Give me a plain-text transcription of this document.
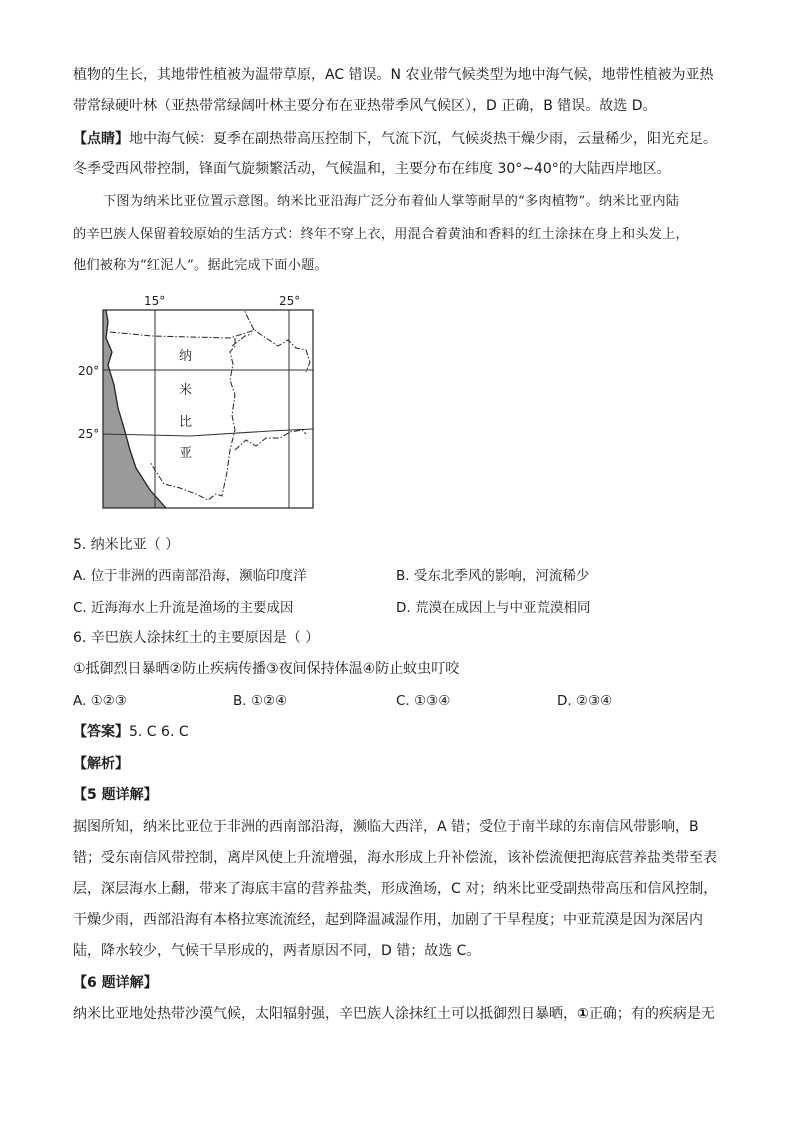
植物的生长，其地带性植被为温带草原，AC 错误。N 农业带气候类型为地中海气候，地带性植被为亚热
带常绿硬叶林（亚热带常绿阔叶林主要分布在亚热带季风气候区），D 正确，B 错误。故选 D。
【点睛】地中海气候：夏季在副热带高压控制下，气流下沉，气候炎热干燥少雨，云量稀少，阳光充足。
冬季受西风带控制，锋面气旋频繁活动，气候温和，主要分布在纬度 30°~40°的大陆西岸地区。
下图为纳米比亚位置示意图。纳米比亚沿海广泛分布着仙人掌等耐旱的“多肉植物”。纳米比亚内陆
的辛巴族人保留着较原始的生活方式：终年不穿上衣，用混合着黄油和香料的红土涂抹在身上和头发上，
他们被称为“红泥人”。据此完成下面小题。
15°	25°
20°
25°
纳
米
比
亚
5. 纳米比亚（ ）
A. 位于非洲的西南部沿海，濒临印度洋	B. 受东北季风的影响，河流稀少
C. 近海海水上升流是渔场的主要成因	D. 荒漠在成因上与中亚荒漠相同
6. 辛巴族人涂抹红土的主要原因是（ ）
①抵御烈日暴晒②防止疾病传播③夜间保持体温④防止蚊虫叮咬
A. ①②③	B. ①②④	C. ①③④	D. ②③④
【答案】5. C 6. C
【解析】
【5 题详解】
据图所知，纳米比亚位于非洲的西南部沿海，濒临大西洋，A 错；受位于南半球的东南信风带影响，B
错；受东南信风带控制，离岸风使上升流增强，海水形成上升补偿流，该补偿流便把海底营养盐类带至表
层，深层海水上翻，带来了海底丰富的营养盐类，形成渔场，C 对；纳米比亚受副热带高压和信风控制，
干燥少雨，西部沿海有本格拉寒流流经，起到降温减湿作用，加剧了干旱程度；中亚荒漠是因为深居内
陆，降水较少，气候干旱形成的，两者原因不同，D 错；故选 C。
【6 题详解】
纳米比亚地处热带沙漠气候，太阳辐射强，辛巴族人涂抹红土可以抵御烈日暴晒，①正确；有的疾病是无
